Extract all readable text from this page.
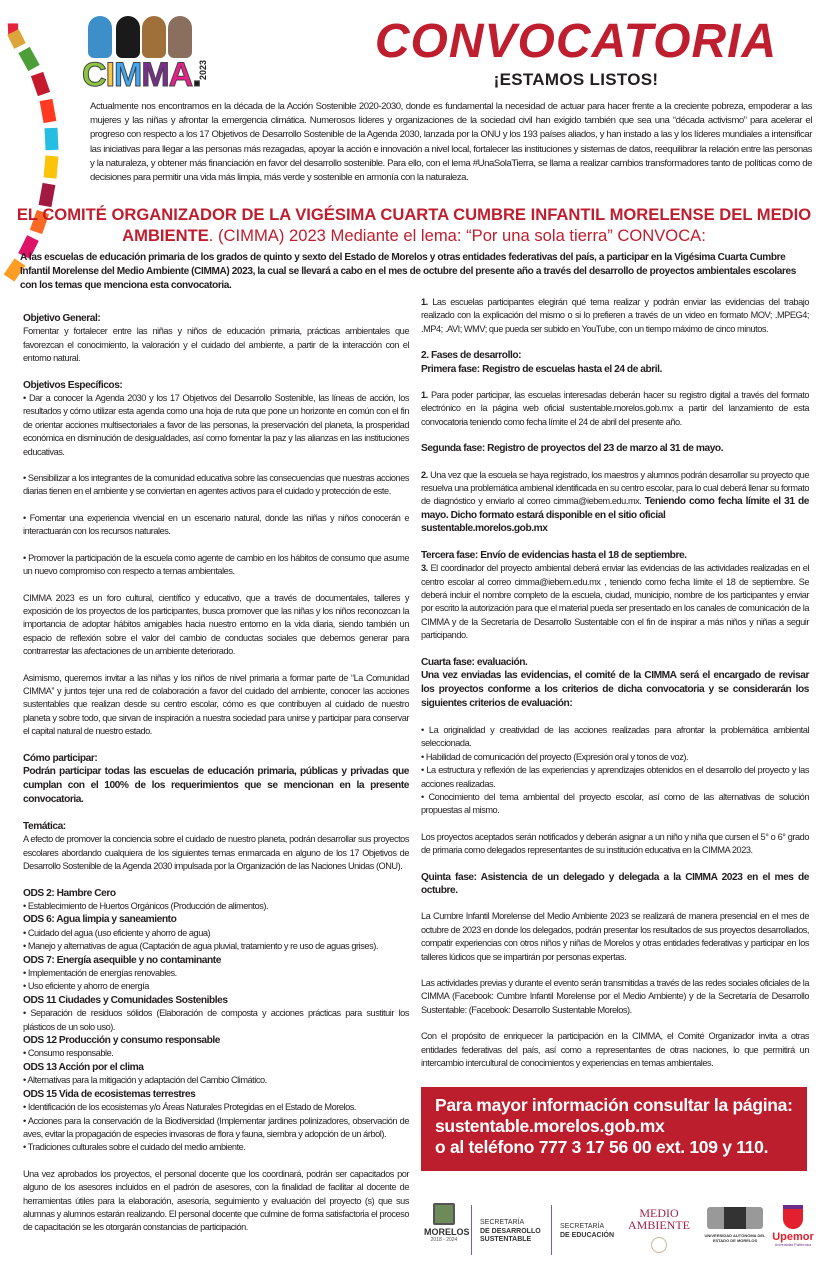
CIMMA.
2023
CONVOCATORIA
¡ESTAMOS LISTOS!

Actualmente nos encontramos en la década de la Acción Sostenible 2020-2030, donde es fundamental la necesidad de actuar para hacer frente a la creciente pobreza, empoderar a las mujeres y las niñas y afrontar la emergencia climática. Numerosos líderes y organizaciones de la sociedad civil han exigido también que sea una “década activismo” para acelerar el progreso con respecto a los 17 Objetivos de Desarrollo Sostenible de la Agenda 2030, lanzada por la ONU y los 193 países aliados, y han instado a las y los líderes mundiales a intensificar las iniciativas para llegar a las personas más rezagadas, apoyar la acción e innovación a nivel local, fortalecer las instituciones y sistemas de datos, reequilibrar la relación entre las personas y la naturaleza, y obtener más financiación en favor del desarrollo sostenible. Para ello, con el lema #UnaSolaTierra, se llama a realizar cambios transformadores tanto de políticas como de decisiones para permitir una vida más limpia, más verde y sostenible en armonía con la naturaleza.

EL COMITÉ ORGANIZADOR DE LA VIGÉSIMA CUARTA CUMBRE INFANTIL MORELENSE DEL MEDIO AMBIENTE. (CIMMA) 2023 Mediante el lema: “Por una sola tierra” CONVOCA:

A las escuelas de educación primaria de los grados de quinto y sexto del Estado de Morelos y otras entidades federativas del país, a participar en la Vigésima Cuarta Cumbre Infantil Morelense del Medio Ambiente (CIMMA) 2023, la cual se llevará a cabo en el mes de octubre del presente año a través del desarrollo de proyectos ambientales escolares con los temas que menciona esta convocatoria.

Objetivo General:

Fomentar y fortalecer entre las niñas y niños de educación primaria, prácticas ambientales que favorezcan el conocimiento, la valoración y el cuidado del ambiente, a partir de la interacción con el entorno natural.

Objetivos Específicos:

• Dar a conocer la Agenda 2030 y los 17 Objetivos del Desarrollo Sostenible, las líneas de acción, los resultados y cómo utilizar esta agenda como una hoja de ruta que pone un horizonte en común con el fin de orientar acciones multisectoriales a favor de las personas, la preservación del planeta, la prosperidad económica en disminución de desigualdades, así como fomentar la paz y las alianzas en las instituciones educativas.

• Sensibilizar a los integrantes de la comunidad educativa sobre las consecuencias que nuestras acciones diarias tienen en el ambiente y se conviertan en agentes activos para el cuidado y protección de este.

• Fomentar una experiencia vivencial en un escenario natural, donde las niñas y niños conocerán e interactuarán con los recursos naturales.

• Promover la participación de la escuela como agente de cambio en los hábitos de consumo que asume un nuevo compromiso con respecto a temas ambientales.

CIMMA 2023 es un foro cultural, científico y educativo, que a través de documentales, talleres y exposición de los proyectos de los participantes, busca promover que las niñas y los niños reconozcan la importancia de adoptar hábitos amigables hacia nuestro entorno en la vida diaria, siendo también un espacio de reflexión sobre el valor del cambio de conductas sociales que debemos generar para contrarrestar las afectaciones de un ambiente deteriorado.

Asimismo, queremos invitar a las niñas y los niños de nivel primaria a formar parte de “La Comunidad CIMMA” y juntos tejer una red de colaboración a favor del cuidado del ambiente, conocer las acciones sustentables que realizan desde su centro escolar, cómo es que contribuyen al cuidado de nuestro planeta y sobre todo, que sirvan de inspiración a nuestra sociedad para unirse y participar para conservar el capital natural de nuestro estado.

Cómo participar:

Podrán participar todas las escuelas de educación primaria, públicas y privadas que cumplan con el 100% de los requerimientos que se mencionan en la presente convocatoria.

Temática:

A efecto de promover la conciencia sobre el cuidado de nuestro planeta, podrán desarrollar sus proyectos escolares abordando cualquiera de los siguientes temas enmarcada en alguno de los 17 Objetivos de Desarrollo Sostenible de la Agenda 2030 impulsada por la Organización de las Naciones Unidas (ONU).

ODS 2: Hambre Cero

• Establecimiento de Huertos Orgánicos (Producción de alimentos).

ODS 6: Agua limpia y saneamiento

• Cuidado del agua (uso eficiente y ahorro de agua)

• Manejo y alternativas de agua (Captación de agua pluvial, tratamiento y re uso de aguas grises).

ODS 7: Energía asequible y no contaminante

• Implementación de energías renovables.

• Uso eficiente y ahorro de energía

ODS 11 Ciudades y Comunidades Sostenibles

• Separación de residuos sólidos (Elaboración de composta y acciones prácticas para sustituir los plásticos de un solo uso).

ODS 12 Producción y consumo responsable

• Consumo responsable.

ODS 13 Acción por el clima

• Alternativas para la mitigación y adaptación del Cambio Climático.

ODS 15 Vida de ecosistemas terrestres

• Identificación de los ecosistemas y/o Áreas Naturales Protegidas en el Estado de Morelos.

• Acciones para la conservación de la Biodiversidad (Implementar jardines polinizadores, observación de aves, evitar la propagación de especies invasoras de flora y fauna, siembra y adopción de un árbol).

• Tradiciones culturales sobre el cuidado del medio ambiente.

Una vez aprobados los proyectos, el personal docente que los coordinará, podrán ser capacitados por alguno de los asesores incluidos en el padrón de asesores, con la finalidad de facilitar al docente de herramientas útiles para la elaboración, asesoría, seguimiento y evaluación del proyecto (s) que sus alumnas y alumnos estarán realizando. El personal docente que culmine de forma satisfactoria el proceso de capacitación se les otorgarán constancias de participación.

1. Las escuelas participantes elegirán qué tema realizar y podrán enviar las evidencias del trabajo realizado con la explicación del mismo o si lo prefieren a través de un video en formato MOV; .MPEG4; .MP4; .AVI; WMV; que pueda ser subido en YouTube, con un tiempo máximo de cinco minutos.

2. Fases de desarrollo:
Primera fase: Registro de escuelas hasta el 24 de abril.

1. Para poder participar, las escuelas interesadas deberán hacer su registro digital a través del formato electrónico en la página web oficial sustentable.morelos.gob.mx a partir del lanzamiento de esta convocatoria teniendo como fecha límite el 24 de abril del presente año.

Segunda fase: Registro de proyectos del 23 de marzo al 31 de mayo.

2. Una vez que la escuela se haya registrado, los maestros y alumnos podrán desarrollar su proyecto que resuelva una problemática ambienal identificada en su centro escolar, para lo cual deberá llenar su formato de diagnóstico y enviarlo al correo cimma@iebem.edu.mx. Teniendo como fecha límite el 31 de mayo. Dicho formato estará disponible en el sitio oficial
sustentable.morelos.gob.mx

Tercera fase: Envío de evidencias hasta el 18 de septiembre.

3. El coordinador del proyecto ambiental deberá enviar las evidencias de las actividades realizadas en el centro escolar al correo cimma@iebem.edu.mx , teniendo como fecha límite el 18 de septiembre. Se deberá incluir el nombre completo de la escuela, ciudad, municipio, nombre de los participantes y enviar por escrito la autorización para que el material pueda ser presentado en los canales de comunicación de la CIMMA y de la Secretaría de Desarrollo Sustentable con el fin de inspirar a más niños y niñas a seguir participando.

Cuarta fase: evaluación.

Una vez enviadas las evidencias, el comité de la CIMMA será el encargado de revisar los proyectos conforme a los criterios de dicha convocatoria y se considerarán los siguientes criterios de evaluación:

• La originalidad y creatividad de las acciones realizadas para afrontar la problemática ambiental seleccionada.

• Habilidad de comunicación del proyecto (Expresión oral y tonos de voz).

• La estructura y reflexión de las experiencias y aprendizajes obtenidos en el desarrollo del proyecto y las acciones realizadas.

• Conocimiento del tema ambiental del proyecto escolar, así como de las alternativas de solución propuestas al mismo.

Los proyectos aceptados serán notificados y deberán asignar a un niño y niña que cursen el 5° o 6° grado de primaria como delegados representantes de su institución educativa en la CIMMA 2023.

Quinta fase: Asistencia de un delegado y delegada a la CIMMA 2023 en el mes de octubre.

La Cumbre Infantil Morelense del Medio Ambiente 2023 se realizará de manera presencial en el mes de octubre de 2023 en donde los delegados, podrán presentar los resultados de sus proyectos desarrollados, compatir experiencias con otros niños y niñas de Morelos y otras entidades federativas y participar en los talleres lúdicos que se impartirán por personas expertas.

Las actividades previas y durante el evento serán transmitidas a través de las redes sociales oficiales de la CIMMA (Facebook: Cumbre Infantil Morelense por el Medio Ambiente) y de la Secretaría de Desarrollo Sustentable: (Facebook: Desarrollo Sustentable Morelos).

Con el propósito de enriquecer la participación en la CIMMA, el Comité Organizador invita a otras entidades federativas del país, así como a representantes de otras naciones, lo que permitirá un intercambio intercultural de conocimientos y experiencias en temas ambientales.

Para mayor información consultar la página:
sustentable.morelos.gob.mx
o al teléfono 777 3 17 56 00 ext. 109 y 110.
MORELOS
2018 - 2024
SECRETARÍA
DE DESARROLLO
SUSTENTABLE
SECRETARÍA
DE EDUCACIÓN
MEDIO
AMBIENTE
UNIVERSIDAD AUTÓNOMA DEL
ESTADO DE MORELOS	Upemor
Universidad Politécnica
